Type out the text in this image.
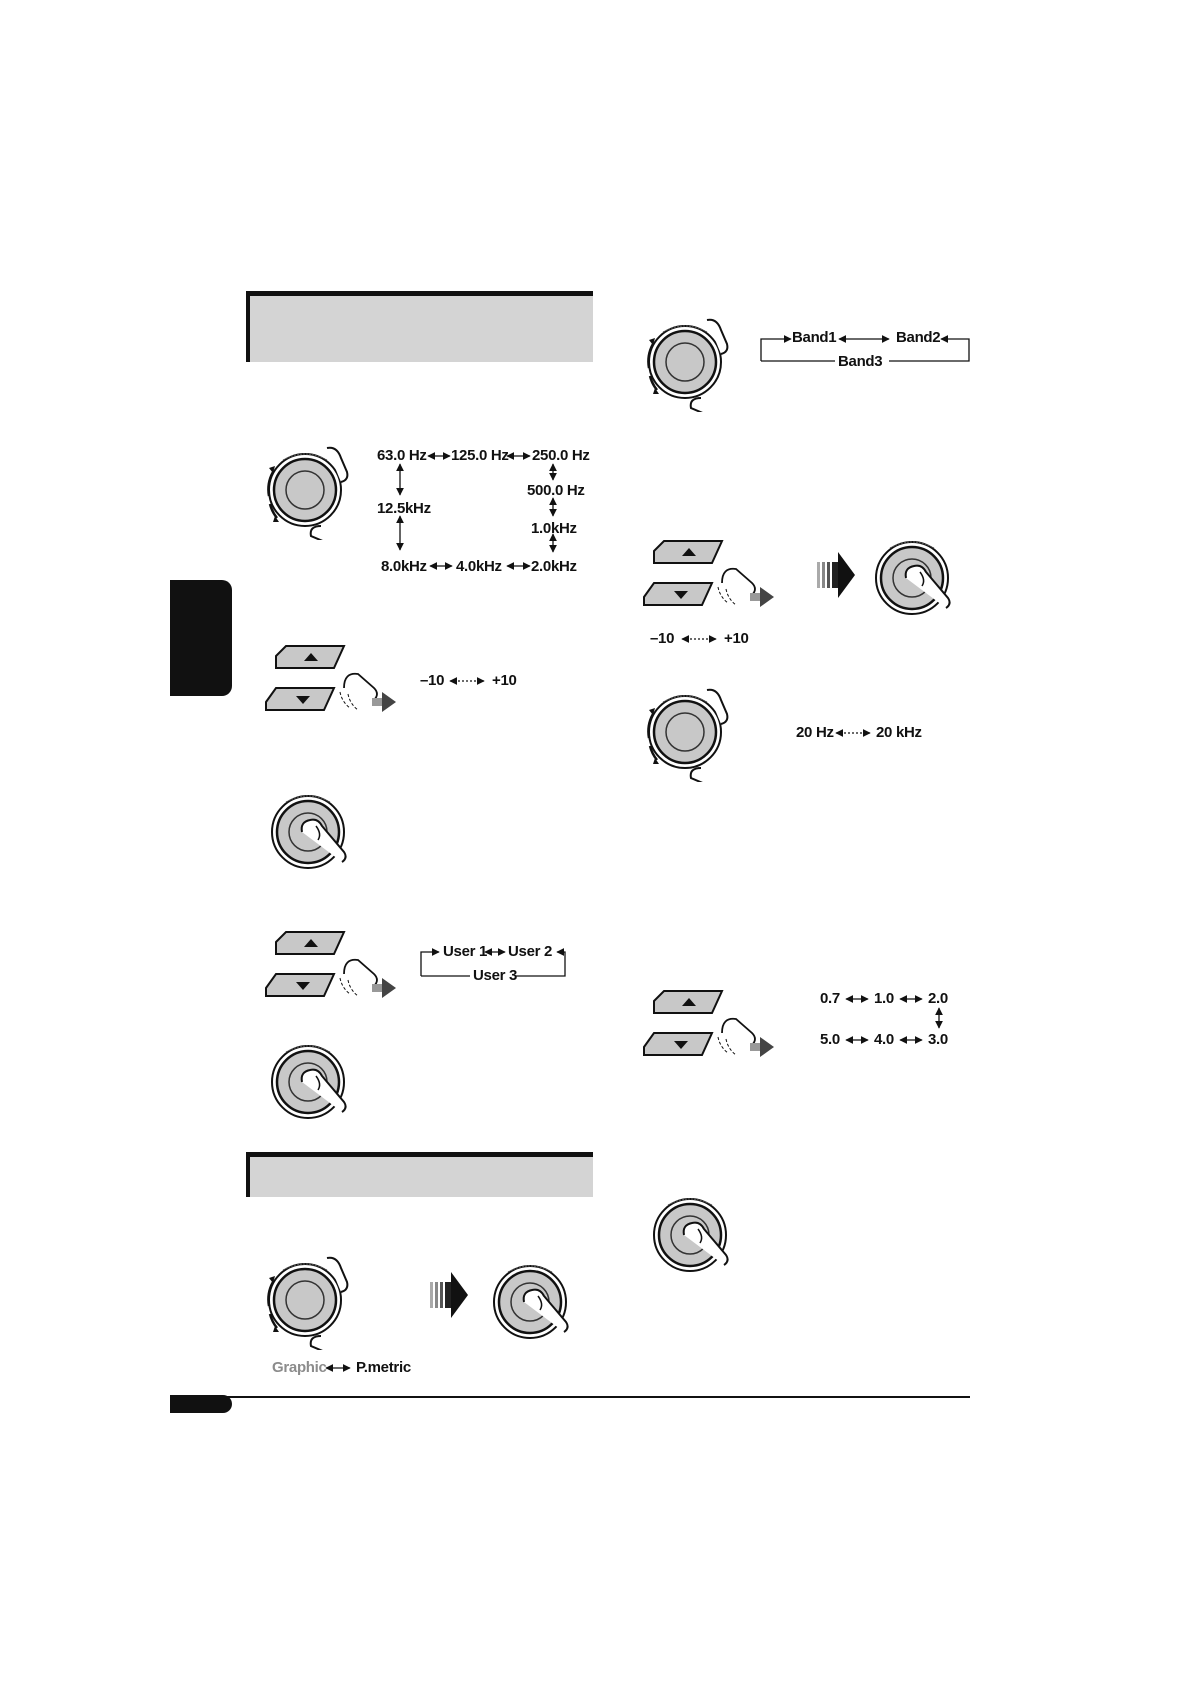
63.0 Hz 125.0 Hz 250.0 Hz
500.0 Hz
12.5kHz
1.0kHz
8.0kHz 4.0kHz 2.0kHz
–10	+10
User 1 User 2
User 3
Graphic P.metric
Band1	Band2
Band3
–10	+10
20 Hz	20 kHz
0.7 1.0 2.0
5.0 4.0 3.0
